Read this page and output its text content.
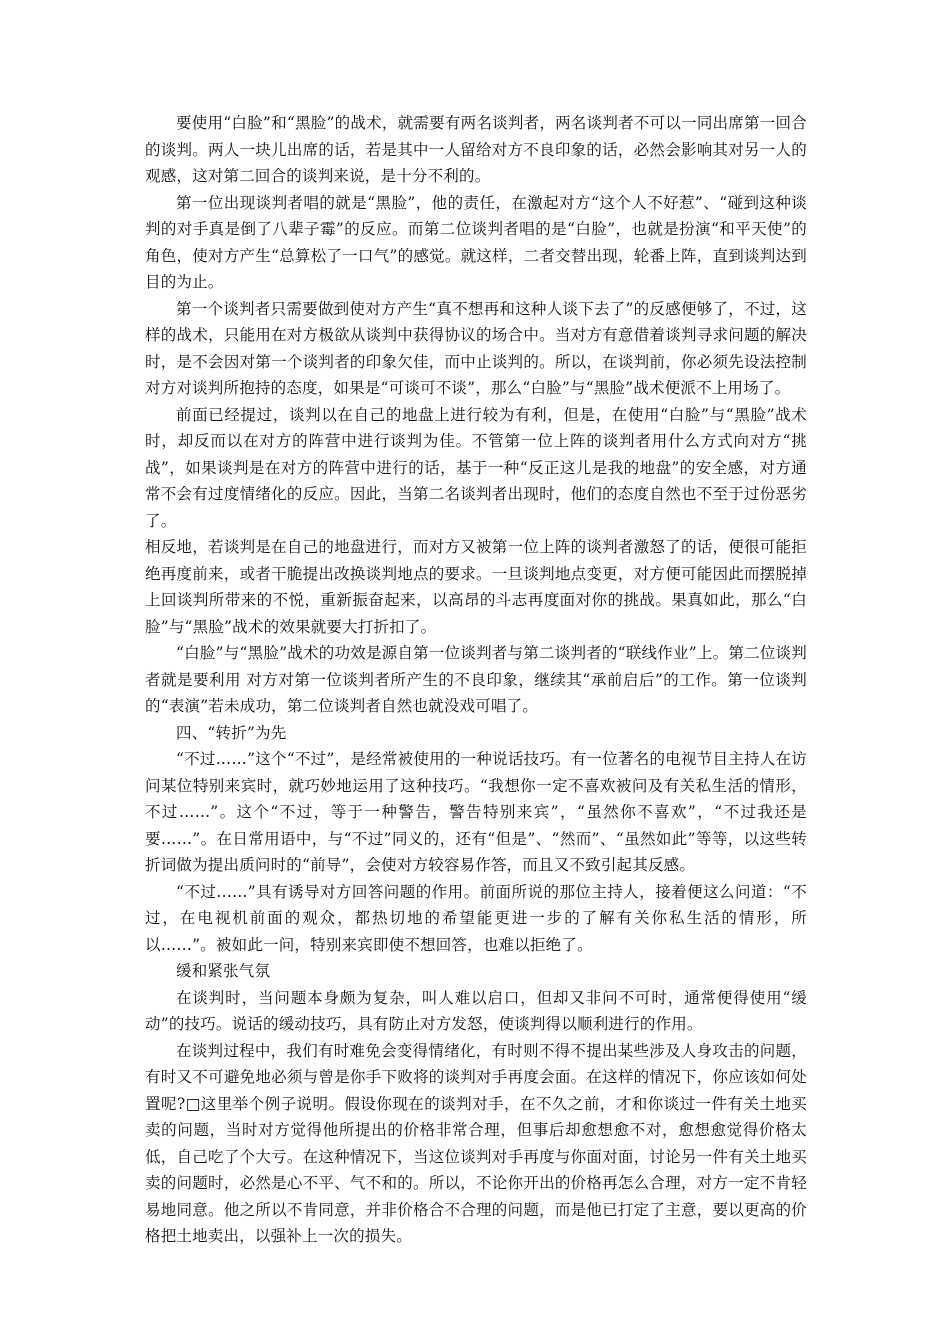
要使用“白脸”和“黑脸”的战术，就需要有两名谈判者，两名谈判者不可以一同出席第一回合的谈判。两人一块儿出席的话，若是其中一人留给对方不良印象的话，必然会影响其对另一人的观感，这对第二回合的谈判来说，是十分不利的。

第一位出现谈判者唱的就是“黑脸”，他的责任，在激起对方“这个人不好惹”、“碰到这种谈判的对手真是倒了八辈子霉”的反应。而第二位谈判者唱的是“白脸”，也就是扮演“和平天使”的角色，使对方产生“总算松了一口气”的感觉。就这样，二者交替出现，轮番上阵，直到谈判达到目的为止。

第一个谈判者只需要做到使对方产生“真不想再和这种人谈下去了”的反感便够了，不过，这样的战术，只能用在对方极欲从谈判中获得协议的场合中。当对方有意借着谈判寻求问题的解决时，是不会因对第一个谈判者的印象欠佳，而中止谈判的。所以，在谈判前，你必须先设法控制对方对谈判所抱持的态度，如果是“可谈可不谈”，那么“白脸”与“黑脸”战术便派不上用场了。

前面已经提过，谈判以在自己的地盘上进行较为有利，但是，在使用“白脸”与“黑脸”战术时，却反而以在对方的阵营中进行谈判为佳。不管第一位上阵的谈判者用什么方式向对方“挑战”，如果谈判是在对方的阵营中进行的话，基于一种“反正这儿是我的地盘”的安全感，对方通常不会有过度情绪化的反应。因此，当第二名谈判者出现时，他们的态度自然也不至于过份恶劣了。

相反地，若谈判是在自己的地盘进行，而对方又被第一位上阵的谈判者激怒了的话，便很可能拒绝再度前来，或者干脆提出改换谈判地点的要求。一旦谈判地点变更，对方便可能因此而摆脱掉上回谈判所带来的不悦，重新振奋起来，以高昂的斗志再度面对你的挑战。果真如此，那么“白脸”与“黑脸”战术的效果就要大打折扣了。

“白脸”与“黑脸”战术的功效是源自第一位谈判者与第二谈判者的“联线作业”上。第二位谈判者就是要利用 对方对第一位谈判者所产生的不良印象，继续其“承前启后”的工作。第一位谈判的“表演”若未成功，第二位谈判者自然也就没戏可唱了。

四、“转折”为先

“不过……”这个“不过”，是经常被使用的一种说话技巧。有一位著名的电视节目主持人在访问某位特别来宾时，就巧妙地运用了这种技巧。“我想你一定不喜欢被问及有关私生活的情形，不过……”。这个“不过，等于一种警告，警告特别来宾”，“虽然你不喜欢”，“不过我还是要……”。在日常用语中，与“不过”同义的，还有“但是”、“然而”、“虽然如此”等等，以这些转折词做为提出质问时的“前导”，会使对方较容易作答，而且又不致引起其反感。

“不过……”具有诱导对方回答问题的作用。前面所说的那位主持人，接着便这么问道：“不过，在电视机前面的观众，都热切地的希望能更进一步的了解有关你私生活的情形，所以……”。被如此一问，特别来宾即使不想回答，也难以拒绝了。

缓和紧张气氛

在谈判时，当问题本身颇为复杂，叫人难以启口，但却又非问不可时，通常便得使用“缓动”的技巧。说话的缓动技巧，具有防止对方发怒，使谈判得以顺利进行的作用。

在谈判过程中，我们有时难免会变得情绪化，有时则不得不提出某些涉及人身攻击的问题，有时又不可避免地必须与曾是你手下败将的谈判对手再度会面。在这样的情况下，你应该如何处置呢?□这里举个例子说明。假设你现在的谈判对手，在不久之前，才和你谈过一件有关土地买卖的问题，当时对方觉得他所提出的价格非常合理，但事后却愈想愈不对，愈想愈觉得价格太低，自己吃了个大亏。在这种情况下，当这位谈判对手再度与你面对面，讨论另一件有关土地买卖的问题时，必然是心不平、气不和的。所以，不论你开出的价格再怎么合理，对方一定不肯轻易地同意。他之所以不肯同意，并非价格合不合理的问题，而是他已打定了主意，要以更高的价格把土地卖出，以强补上一次的损失。
